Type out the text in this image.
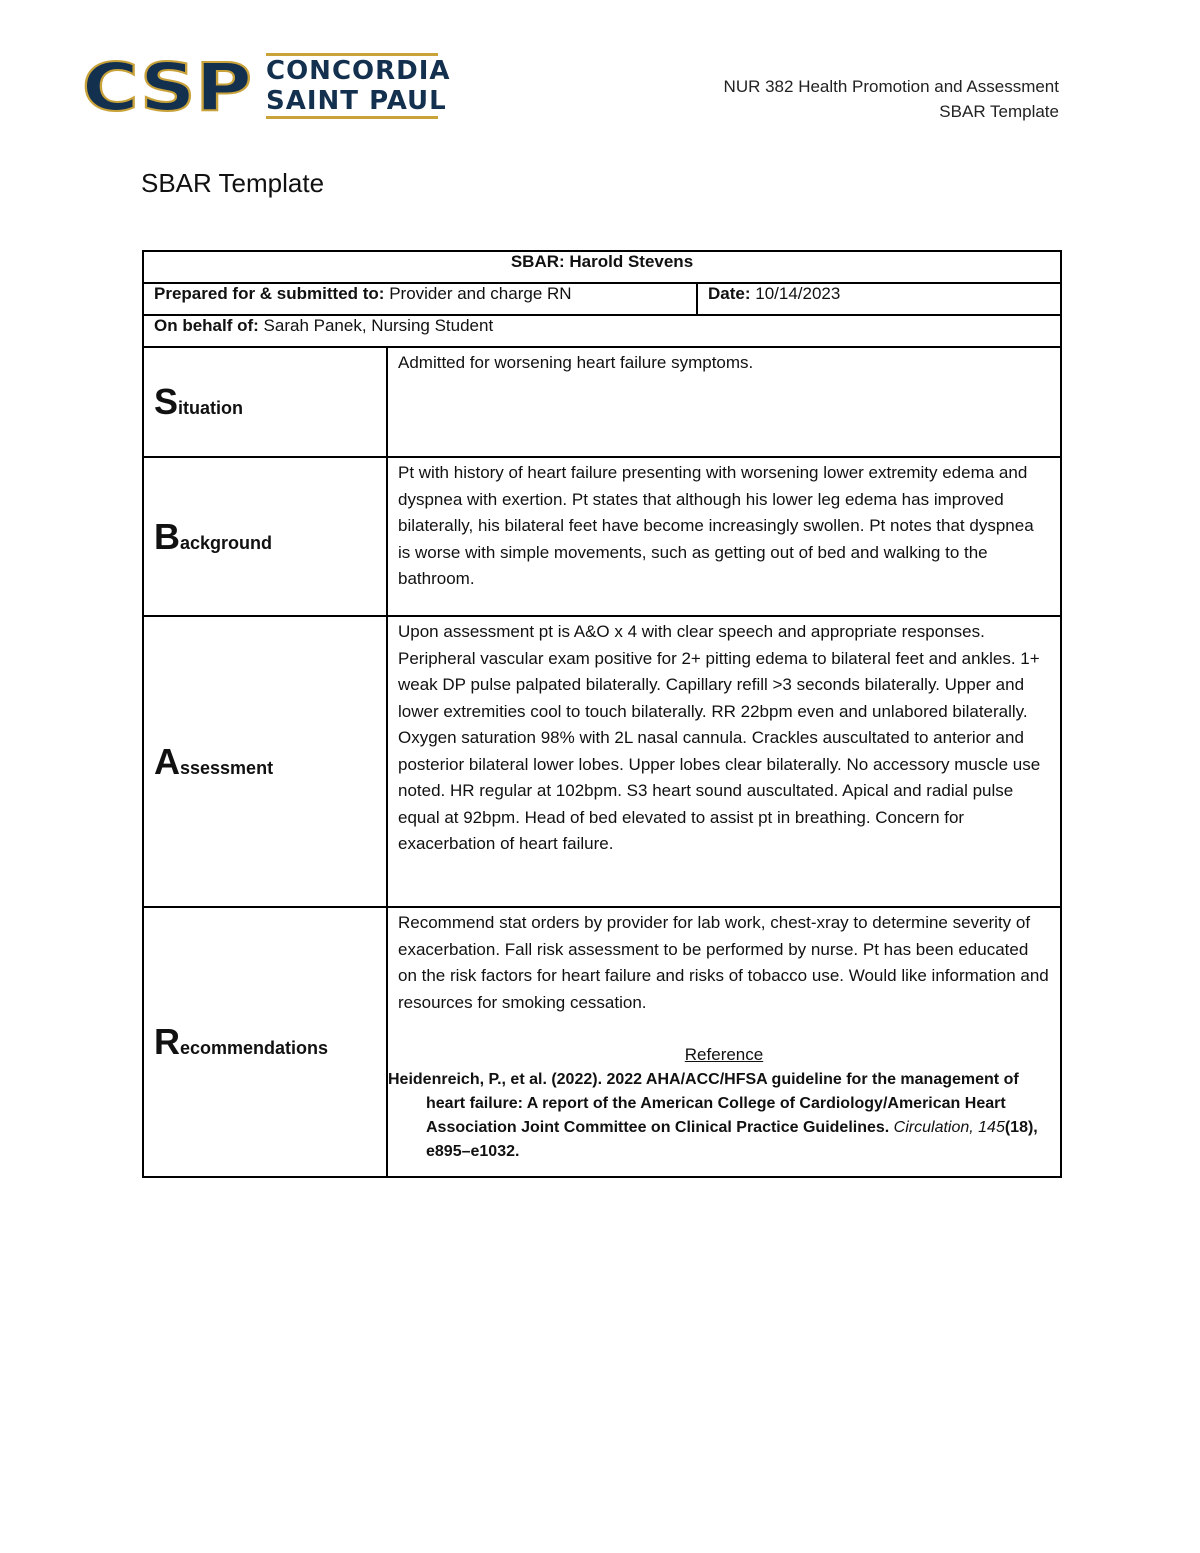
CSP CONCORDIA
SAINT PAUL	NUR 382 Health Promotion and Assessment
SBAR Template
SBAR Template
SBAR: Harold Stevens		
Prepared for & submitted to: Provider and charge RN		Date: 10/14/2023
On behalf of: Sarah Panek, Nursing Student		
Situation	Admitted for worsening heart failure symptoms.	
Background	Pt with history of heart failure presenting with worsening lower extremity edema and dyspnea with exertion. Pt states that although his lower leg edema has improved bilaterally, his bilateral feet have become increasingly swollen. Pt notes that dyspnea is worse with simple movements, such as getting out of bed and walking to the bathroom.	
Assessment	Upon assessment pt is A&O x 4 with clear speech and appropriate responses. Peripheral vascular exam positive for 2+ pitting edema to bilateral feet and ankles. 1+ weak DP pulse palpated bilaterally. Capillary refill >3 seconds bilaterally. Upper and lower extremities cool to touch bilaterally. RR 22bpm even and unlabored bilaterally. Oxygen saturation 98% with 2L nasal cannula. Crackles auscultated to anterior and posterior bilateral lower lobes. Upper lobes clear bilaterally. No accessory muscle use noted. HR regular at 102bpm. S3 heart sound auscultated. Apical and radial pulse equal at 92bpm. Head of bed elevated to assist pt in breathing. Concern for exacerbation of heart failure.	
Recommendations	Recommend stat orders by provider for lab work, chest-xray to determine severity of exacerbation. Fall risk assessment to be performed by nurse. Pt has been educated on the risk factors for heart failure and risks of tobacco use. Would like information and resources for smoking cessation.
Reference
Heidenreich, P., et al. (2022). 2022 AHA/ACC/HFSA guideline for the management of heart failure: A report of the American College of Cardiology/American Heart Association Joint Committee on Clinical Practice Guidelines. Circulation, 145(18), e895–e1032.	
